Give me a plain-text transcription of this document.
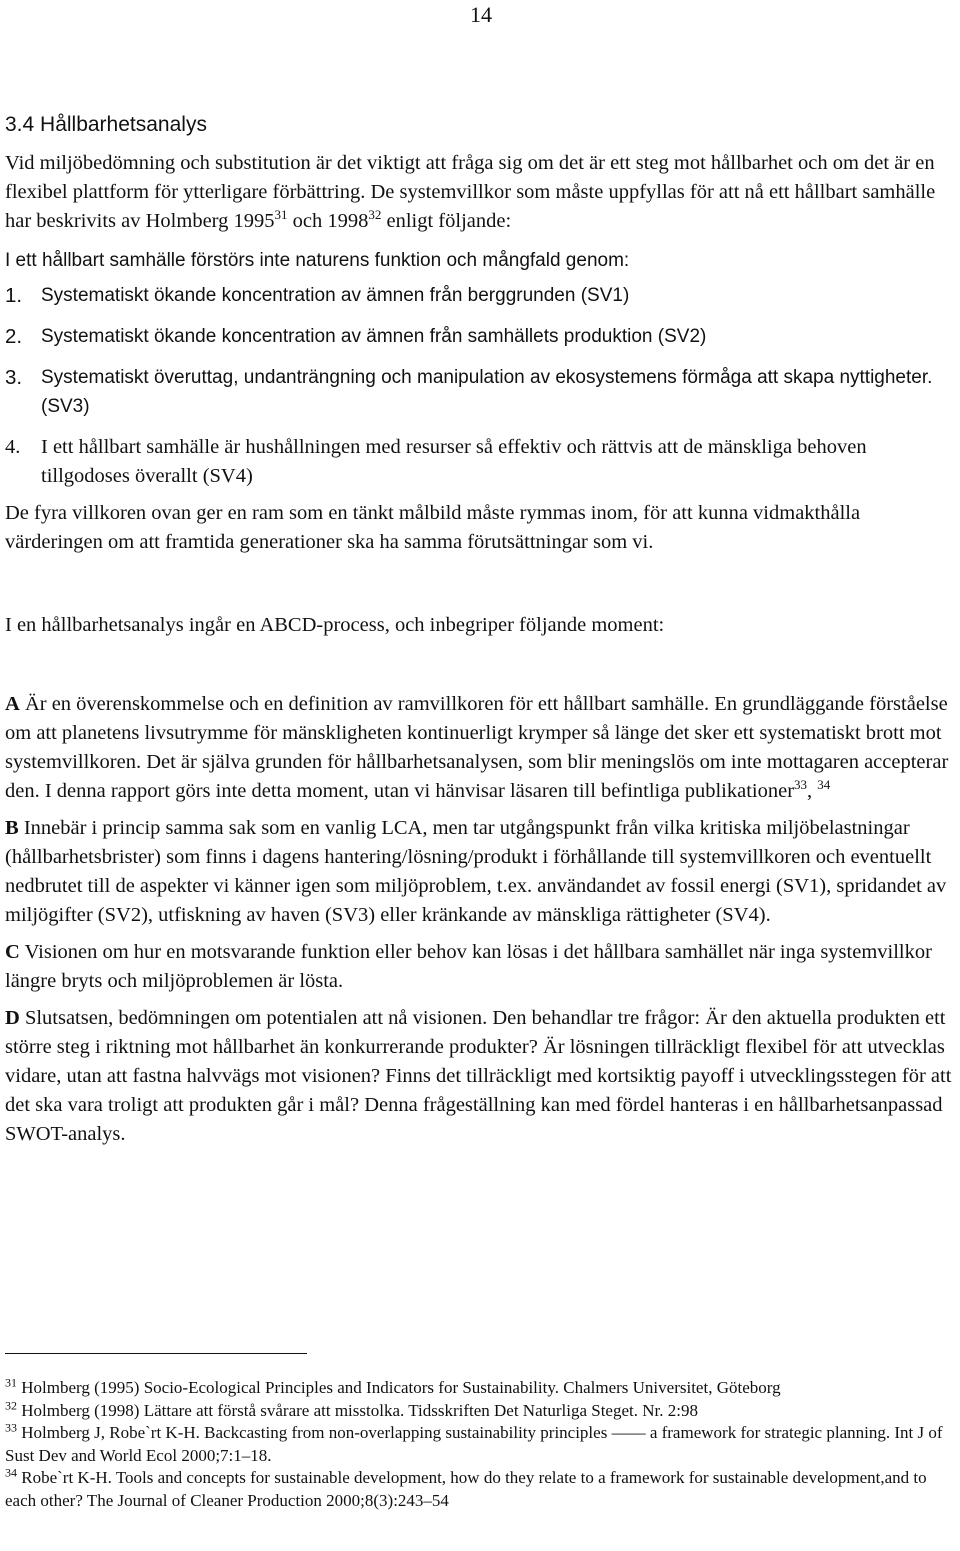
14
3.4 Hållbarhetsanalys

Vid miljöbedömning och substitution är det viktigt att fråga sig om det är ett steg mot hållbarhet och om det är en flexibel plattform för ytterligare förbättring. De systemvillkor som måste uppfyllas för att nå ett hållbart samhälle har beskrivits av Holmberg 1995$^{31}$ och 1998$^{32}$ enligt följande:

I ett hållbart samhälle förstörs inte naturens funktion och mångfald genom:

1. Systematiskt ökande koncentration av ämnen från berggrunden (SV1)
2. Systematiskt ökande koncentration av ämnen från samhällets produktion (SV2)
3. Systematiskt överuttag, undanträngning och manipulation av ekosystemens förmåga att skapa nyttigheter. (SV3)
4. I ett hållbart samhälle är hushållningen med resurser så effektiv och rättvis att de mänskliga behoven tillgodoses överallt (SV4)

De fyra villkoren ovan ger en ram som en tänkt målbild måste rymmas inom, för att kunna vidmakthålla värderingen om att framtida generationer ska ha samma förutsättningar som vi.

I en hållbarhetsanalys ingår en ABCD-process, och inbegriper följande moment:

A Är en överenskommelse och en definition av ramvillkoren för ett hållbart samhälle. En grundläggande förståelse om att planetens livsutrymme för mänskligheten kontinuerligt krymper så länge det sker ett systematiskt brott mot systemvillkoren. Det är själva grunden för hållbarhetsanalysen, som blir meningslös om inte mottagaren accepterar den. I denna rapport görs inte detta moment, utan vi hänvisar läsaren till befintliga publikationer$^{33}$, $^{34}$

B Innebär i princip samma sak som en vanlig LCA, men tar utgångspunkt från vilka kritiska miljöbelastningar (hållbarhetsbrister) som finns i dagens hantering/lösning/produkt i förhållande till systemvillkoren och eventuellt nedbrutet till de aspekter vi känner igen som miljöproblem, t.ex. användandet av fossil energi (SV1), spridandet av miljögifter (SV2), utfiskning av haven (SV3) eller kränkande av mänskliga rättigheter (SV4).

C Visionen om hur en motsvarande funktion eller behov kan lösas i det hållbara samhället när inga systemvillkor längre bryts och miljöproblemen är lösta.

D Slutsatsen, bedömningen om potentialen att nå visionen. Den behandlar tre frågor: Är den aktuella produkten ett större steg i riktning mot hållbarhet än konkurrerande produkter? Är lösningen tillräckligt flexibel för att utvecklas vidare, utan att fastna halvvägs mot visionen? Finns det tillräckligt med kortsiktig payoff i utvecklingsstegen för att det ska vara troligt att produkten går i mål? Denna frågeställning kan med fördel hanteras i en hållbarhetsanpassad SWOT-analys.

$^{31}$ Holmberg (1995) Socio-Ecological Principles and Indicators for Sustainability. Chalmers Universitet, Göteborg

$^{32}$ Holmberg (1998) Lättare att förstå svårare att misstolka. Tidsskriften Det Naturliga Steget. Nr. 2:98

$^{33}$ Holmberg J, Robe`rt K-H. Backcasting from non-overlapping sustainability principles —— a framework for strategic planning. Int J of Sust Dev and World Ecol 2000;7:1–18.

$^{34}$ Robe`rt K-H. Tools and concepts for sustainable development, how do they relate to a framework for sustainable development,and to each other? The Journal of Cleaner Production 2000;8(3):243–54
